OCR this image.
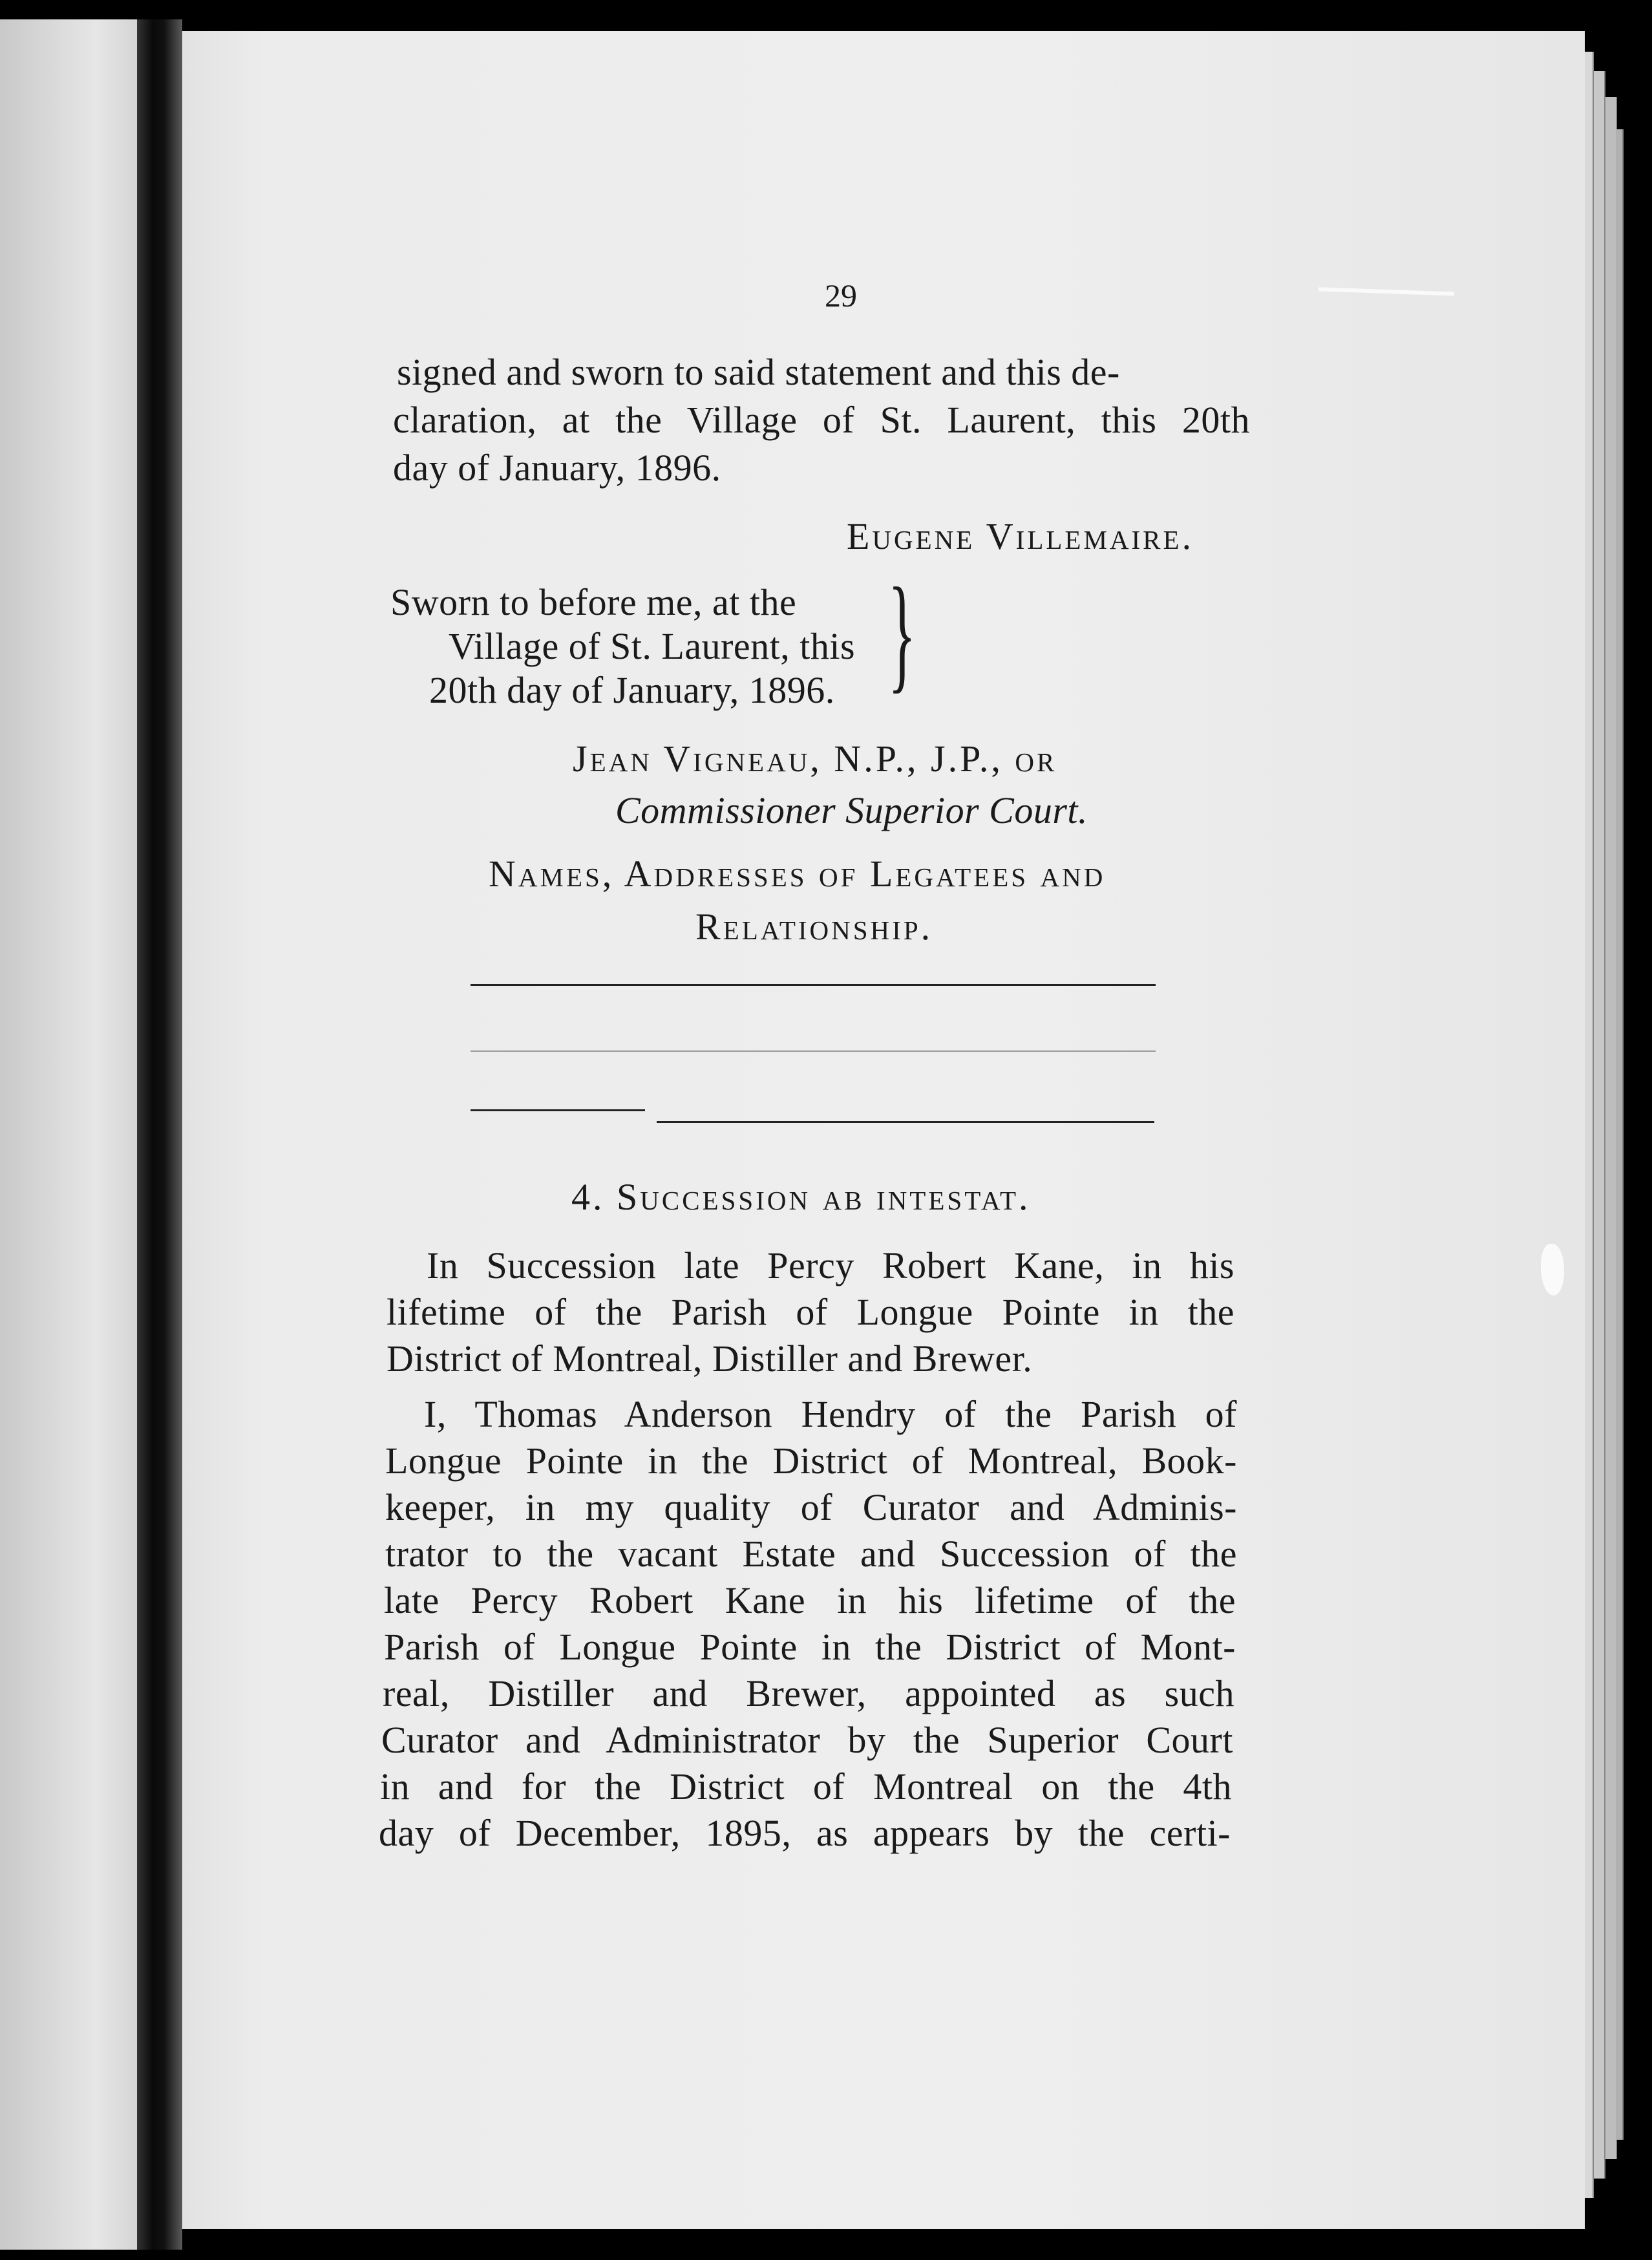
29
signed and sworn to said statement and this de-
claration, at the Village of St. Laurent, this 20th
day of January, 1896.
Eugene Villemaire.
Sworn to before me, at the
Village of St. Laurent, this
20th day of January, 1896. }
Jean Vigneau, N.P., J.P., or
Commissioner Superior Court.
Names, Addresses of Legatees and
Relationship.
4. Succession ab intestat.
In Succession late Percy Robert Kane, in his
lifetime of the Parish of Longue Pointe in the
District of Montreal, Distiller and Brewer.
I, Thomas Anderson Hendry of the Parish of
Longue Pointe in the District of Montreal, Book-
keeper, in my quality of Curator and Adminis-
trator to the vacant Estate and Succession of the
late Percy Robert Kane in his lifetime of the
Parish of Longue Pointe in the District of Mont-
real, Distiller and Brewer, appointed as such
Curator and Administrator by the Superior Court
in and for the District of Montreal on the 4th
day of December, 1895, as appears by the certi-
